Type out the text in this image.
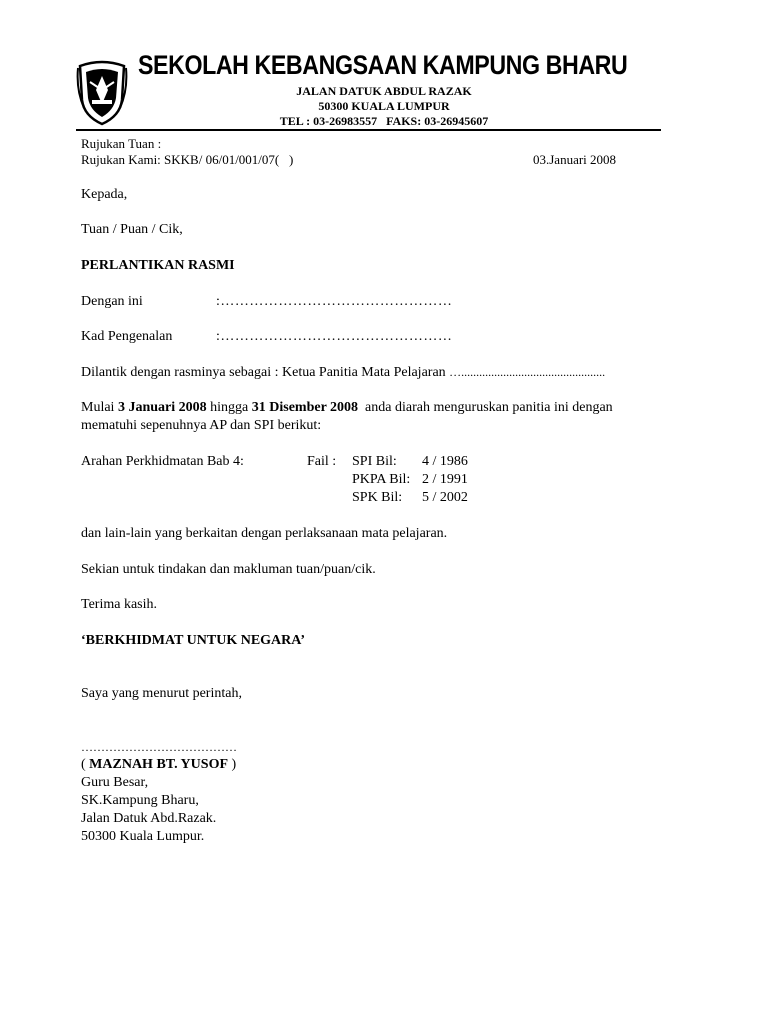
SEKOLAH KEBANGSAAN KAMPUNG BHARU
JALAN DATUK ABDUL RAZAK
50300 KUALA LUMPUR
TEL : 03-26983557   FAKS: 03-26945607
Rujukan Tuan :
Rujukan Kami: SKKB/ 06/01/001/07(   )	03.Januari 2008
Kepada,
Tuan / Puan / Cik,
PERLANTIKAN RASMI
Dengan ini	:…………………………………………
Kad Pengenalan	:…………………………………………
Dilantik dengan rasminya sebagai : Ketua Panitia Mata Pelajaran …................................................
Mulai 3 Januari 2008 hingga 31 Disember 2008  anda diarah menguruskan panitia ini dengan
mematuhi sepenuhnya AP dan SPI berikut:
Arahan Perkhidmatan Bab 4:	Fail : SPI Bil: 4 / 1986
PKPA Bil: 2 / 1991
SPK Bil: 5 / 2002
dan lain-lain yang berkaitan dengan perlaksanaan mata pelajaran.
Sekian untuk tindakan dan makluman tuan/puan/cik.
Terima kasih.
‘BERKHIDMAT UNTUK NEGARA’
Saya yang menurut perintah,
…………………………………
( MAZNAH BT. YUSOF )
Guru Besar,
SK.Kampung Bharu,
Jalan Datuk Abd.Razak.
50300 Kuala Lumpur.
